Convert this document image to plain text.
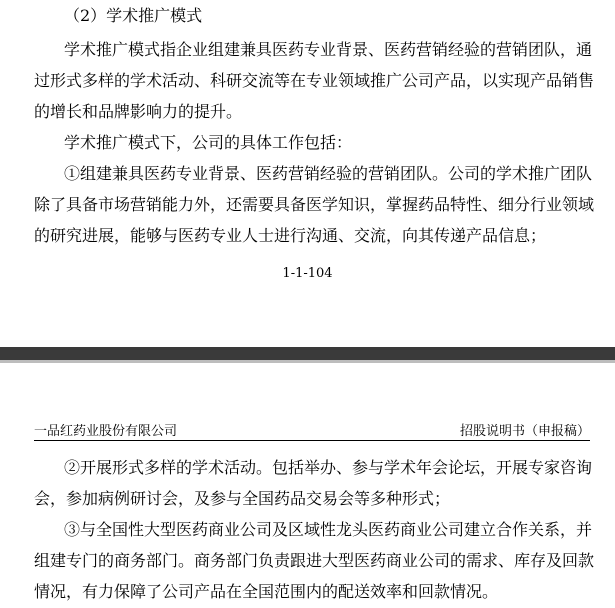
（2）学术推广模式
学术推广模式指企业组建兼具医药专业背景、医药营销经验的营销团队，通
过形式多样的学术活动、科研交流等在专业领域推广公司产品，以实现产品销售
的增长和品牌影响力的提升。
学术推广模式下，公司的具体工作包括：
①组建兼具医药专业背景、医药营销经验的营销团队。公司的学术推广团队
除了具备市场营销能力外，还需要具备医学知识，掌握药品特性、细分行业领域
的研究进展，能够与医药专业人士进行沟通、交流，向其传递产品信息；
1-1-104
一品红药业股份有限公司	招股说明书（申报稿）
②开展形式多样的学术活动。包括举办、参与学术年会论坛，开展专家咨询
会，参加病例研讨会，及参与全国药品交易会等多种形式；
③与全国性大型医药商业公司及区域性龙头医药商业公司建立合作关系，并
组建专门的商务部门。商务部门负责跟进大型医药商业公司的需求、库存及回款
情况，有力保障了公司产品在全国范围内的配送效率和回款情况。
